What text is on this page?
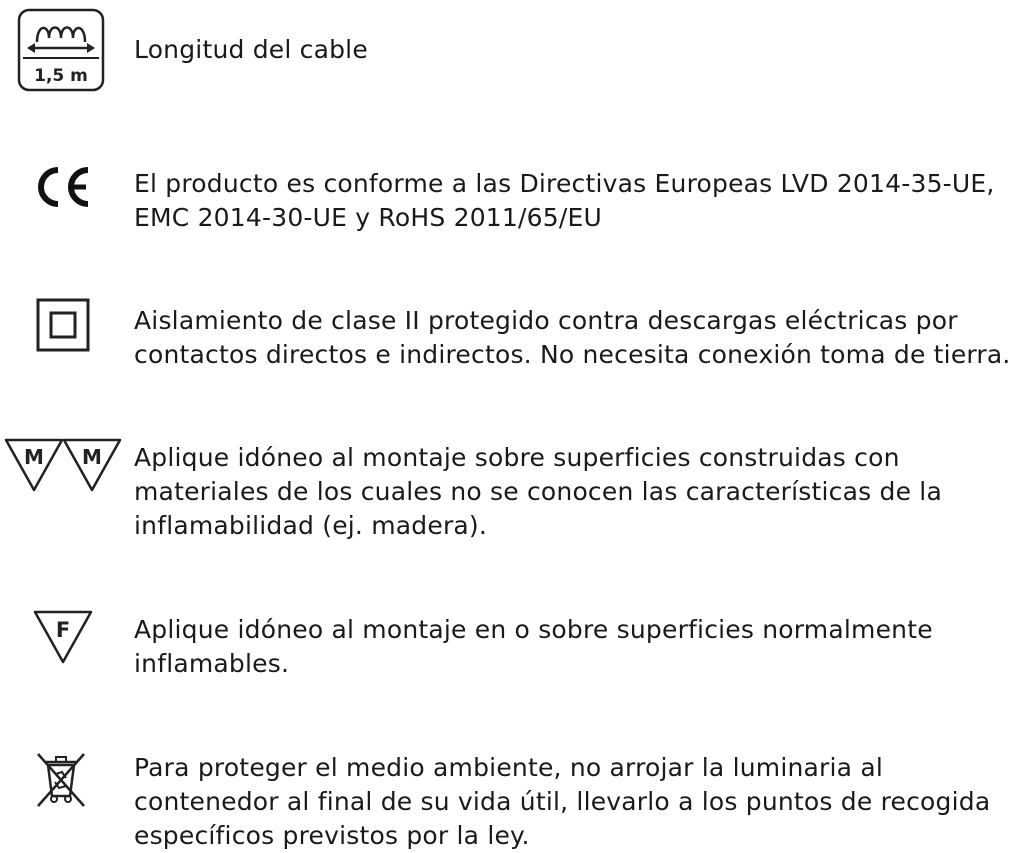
1,5 m
Longitud del cable
El producto es conforme a las Directivas Europeas LVD 2014-35-UE,
EMC 2014-30-UE y RoHS 2011/65/EU
Aislamiento de clase II protegido contra descargas eléctricas por
contactos directos e indirectos. No necesita conexión toma de tierra.
M M Aplique idóneo al montaje sobre superficies construidas con
materiales de los cuales no se conocen las características de la
inflamabilidad (ej. madera).
F	Aplique idóneo al montaje en o sobre superficies normalmente
inflamables.
Para proteger el medio ambiente, no arrojar la luminaria al
contenedor al final de su vida útil, llevarlo a los puntos de recogida
específicos previstos por la ley.
